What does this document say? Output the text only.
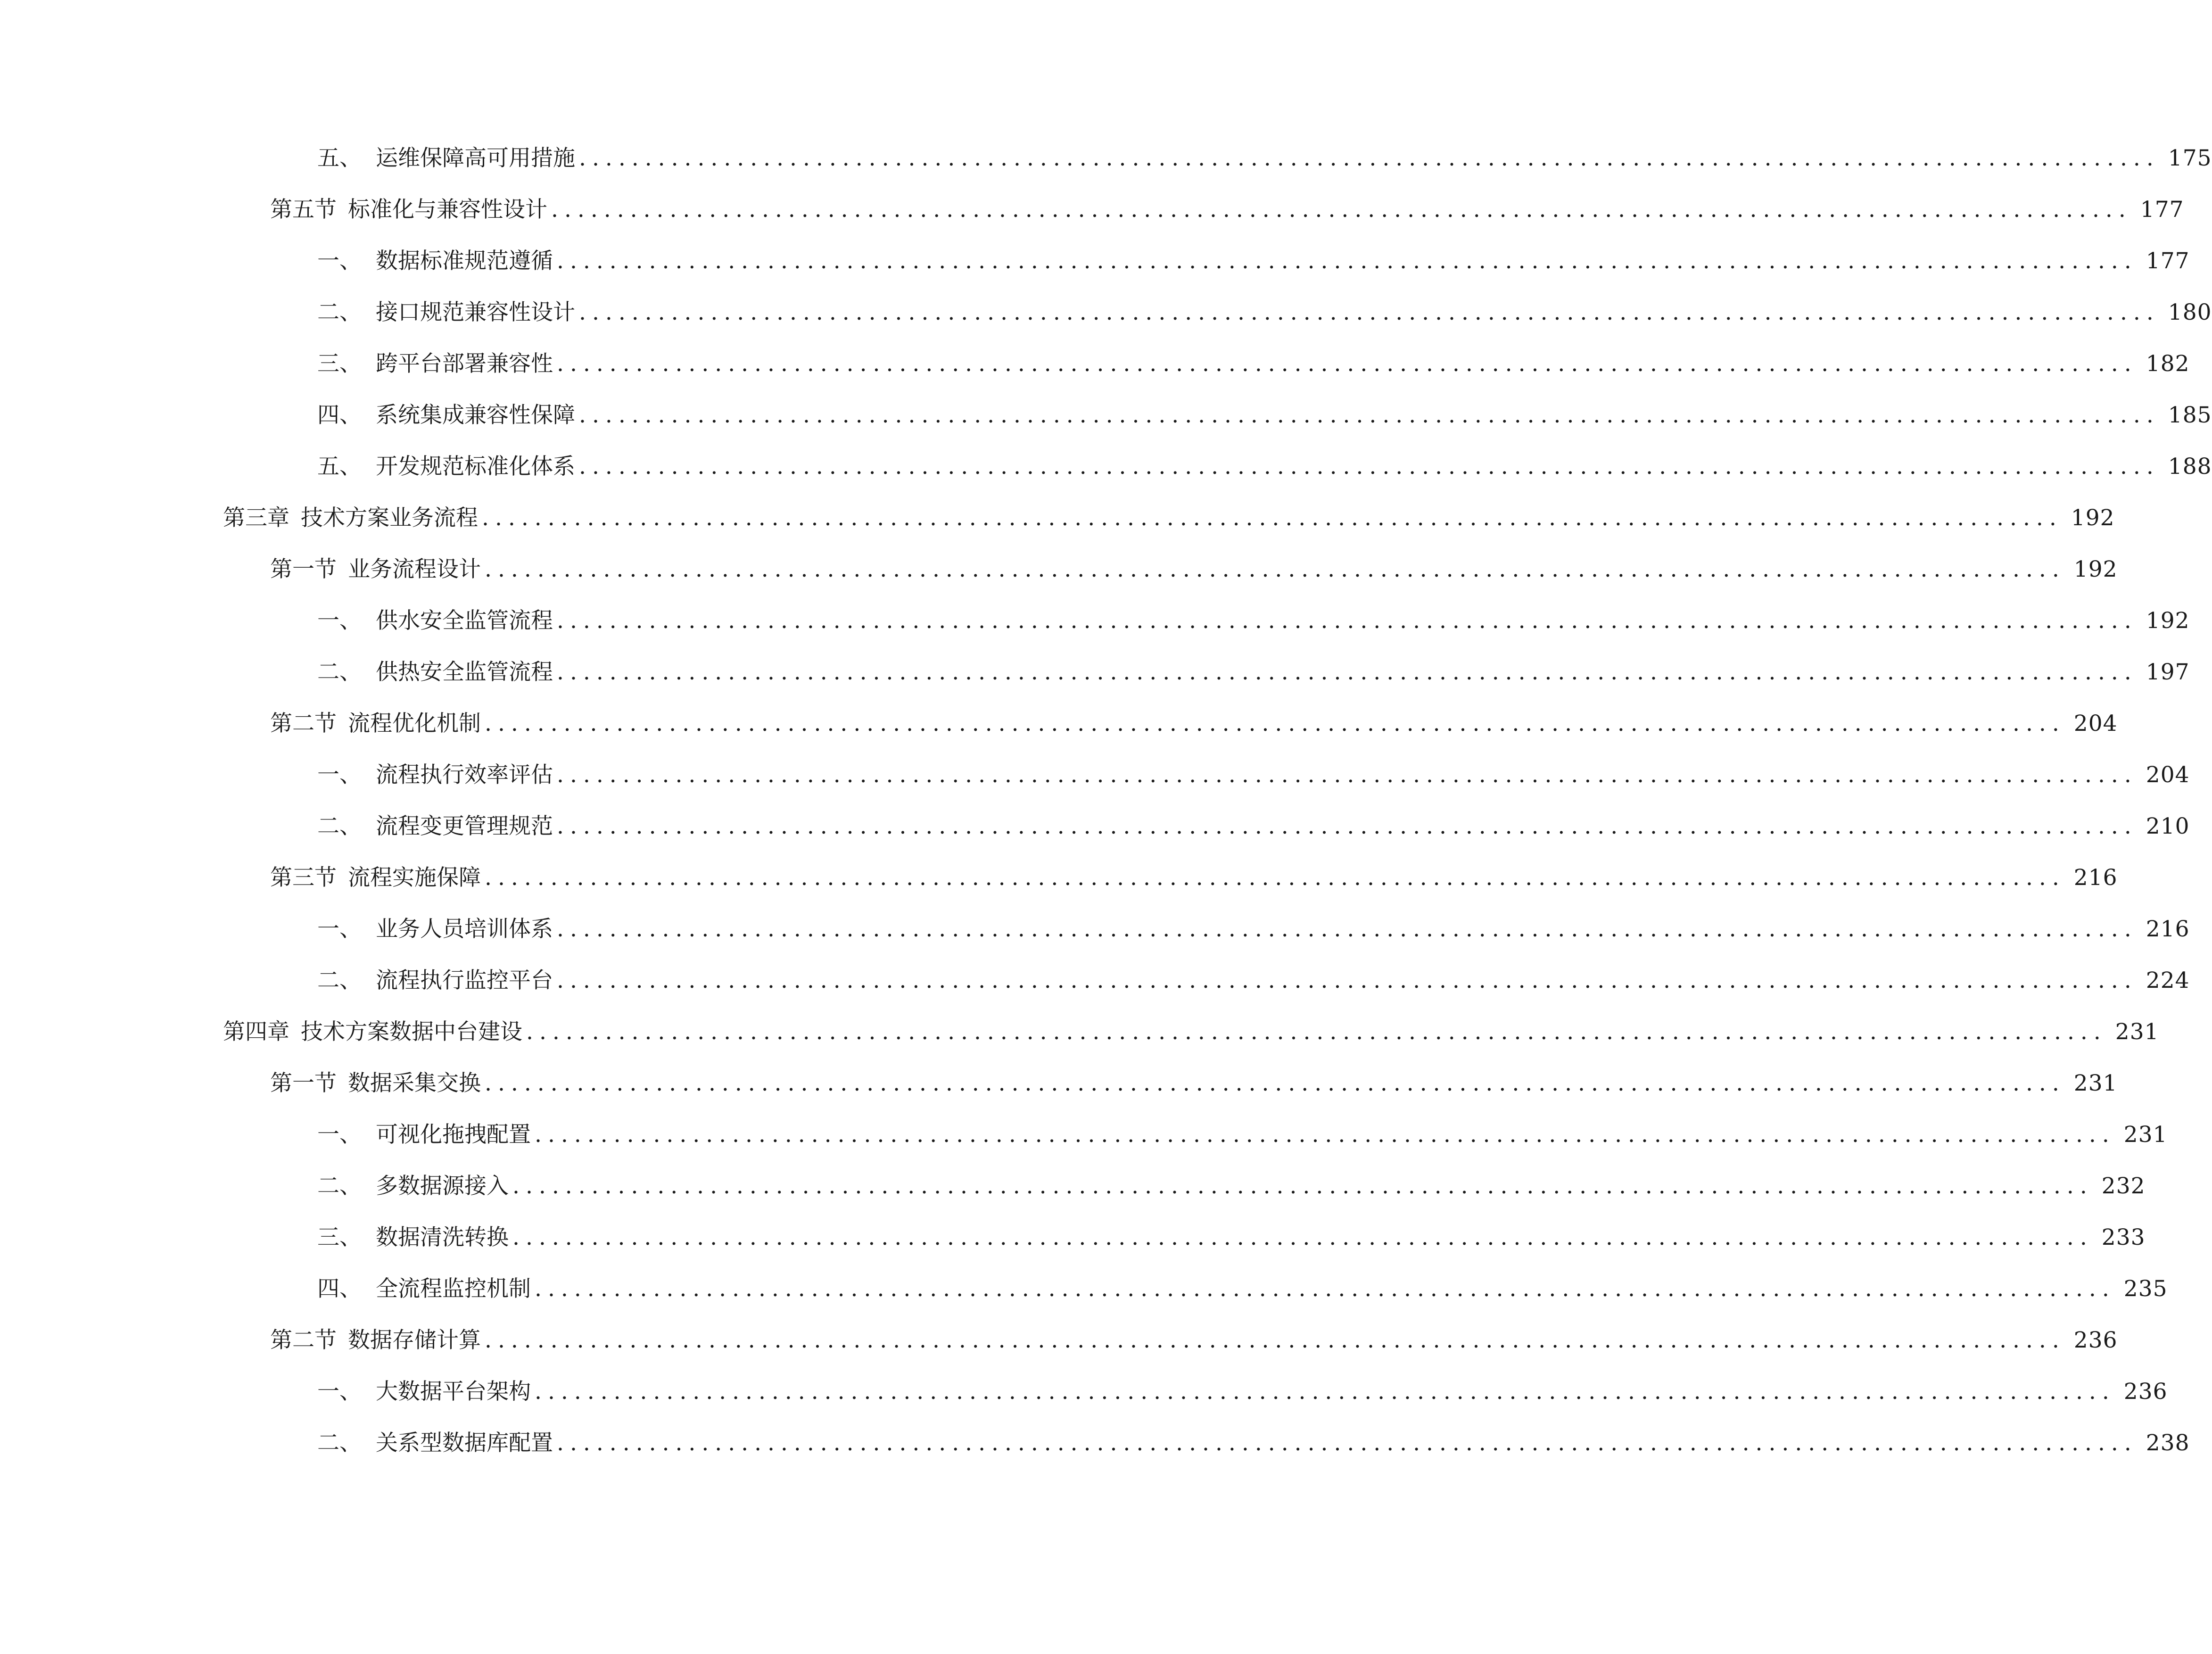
五、 运维保障高可用措施 ........................................................................................................................ 175
第五节 标准化与兼容性设计 ........................................................................................................................ 177
一、 数据标准规范遵循 ........................................................................................................................ 177
二、 接口规范兼容性设计 ........................................................................................................................ 180
三、 跨平台部署兼容性 ........................................................................................................................ 182
四、 系统集成兼容性保障 ........................................................................................................................ 185
五、 开发规范标准化体系 ........................................................................................................................ 188
第三章 技术方案业务流程 ........................................................................................................................ 192
第一节 业务流程设计 ........................................................................................................................ 192
一、 供水安全监管流程 ........................................................................................................................ 192
二、 供热安全监管流程 ........................................................................................................................ 197
第二节 流程优化机制 ........................................................................................................................ 204
一、 流程执行效率评估 ........................................................................................................................ 204
二、 流程变更管理规范 ........................................................................................................................ 210
第三节 流程实施保障 ........................................................................................................................ 216
一、 业务人员培训体系 ........................................................................................................................ 216
二、 流程执行监控平台 ........................................................................................................................ 224
第四章 技术方案数据中台建设 ........................................................................................................................ 231
第一节 数据采集交换 ........................................................................................................................ 231
一、 可视化拖拽配置 ........................................................................................................................ 231
二、 多数据源接入 ........................................................................................................................ 232
三、 数据清洗转换 ........................................................................................................................ 233
四、 全流程监控机制 ........................................................................................................................ 235
第二节 数据存储计算 ........................................................................................................................ 236
一、 大数据平台架构 ........................................................................................................................ 236
二、 关系型数据库配置 ........................................................................................................................ 238
